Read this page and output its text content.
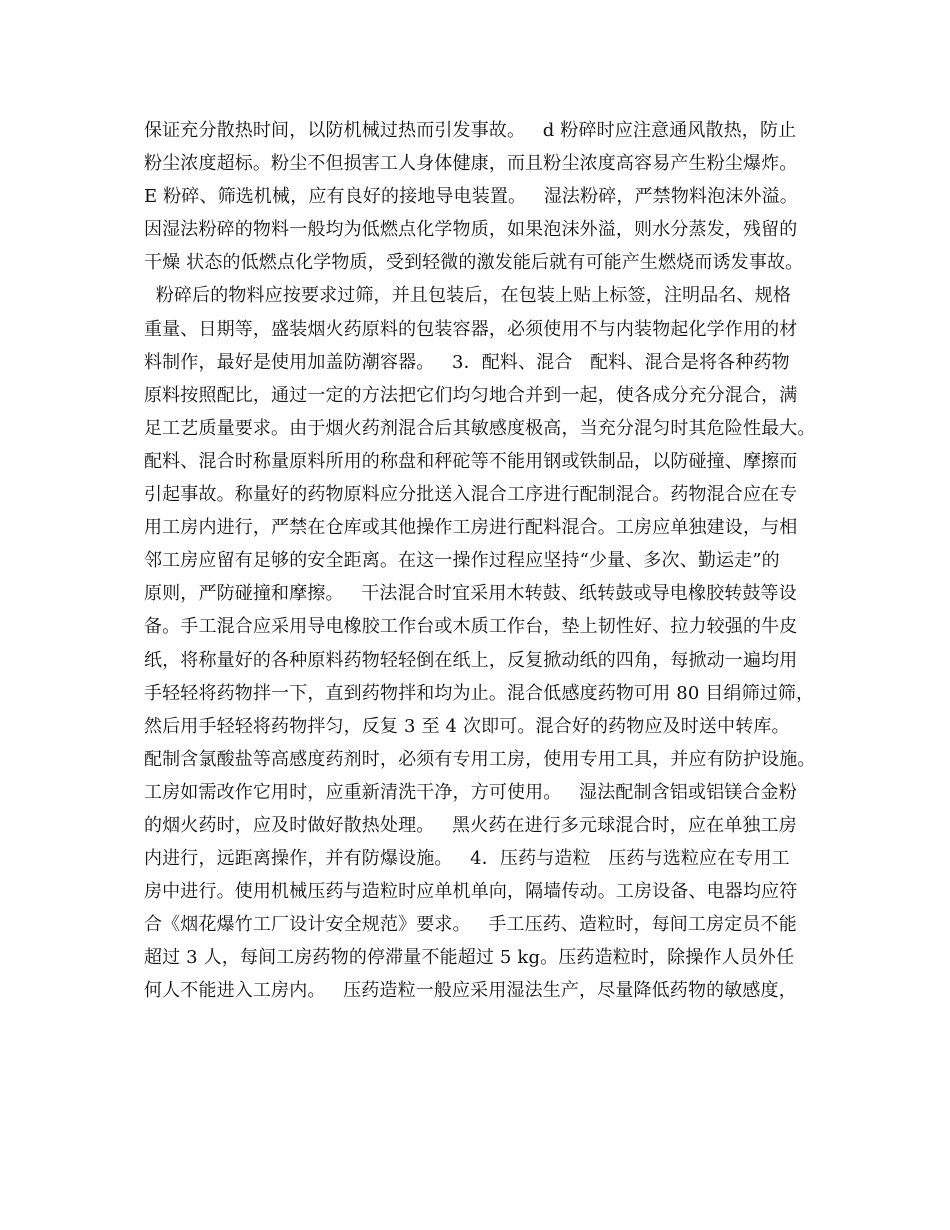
保证充分散热时间，以防机械过热而引发事故。   d 粉碎时应注意通风散热，防止
粉尘浓度超标。粉尘不但损害工人身体健康，而且粉尘浓度高容易产生粉尘爆炸。
E 粉碎、筛选机械，应有良好的接地导电装置。   湿法粉碎，严禁物料泡沫外溢。
因湿法粉碎的物料一般均为低燃点化学物质，如果泡沫外溢，则水分蒸发，残留的
干燥 状态的低燃点化学物质，受到轻微的激发能后就有可能产生燃烧而诱发事故。
粉碎后的物料应按要求过筛，并且包装后，在包装上贴上标签，注明品名、规格
重量、日期等，盛装烟火药原料的包装容器，必须使用不与内装物起化学作用的材
料制作，最好是使用加盖防潮容器。   3．配料、混合   配料、混合是将各种药物
原料按照配比，通过一定的方法把它们均匀地合并到一起，使各成分充分混合，满
足工艺质量要求。由于烟火药剂混合后其敏感度极高，当充分混匀时其危险性最大。
配料、混合时称量原料所用的称盘和秤砣等不能用钢或铁制品，以防碰撞、摩擦而
引起事故。称量好的药物原料应分批送入混合工序进行配制混合。药物混合应在专
用工房内进行，严禁在仓库或其他操作工房进行配料混合。工房应单独建设，与相
邻工房应留有足够的安全距离。在这一操作过程应坚持“少量、多次、勤运走”的
原则，严防碰撞和摩擦。   干法混合时宜采用木转鼓、纸转鼓或导电橡胶转鼓等设
备。手工混合应采用导电橡胶工作台或木质工作台，垫上韧性好、拉力较强的牛皮
纸，将称量好的各种原料药物轻轻倒在纸上，反复掀动纸的四角，每掀动一遍均用
手轻轻将药物拌一下，直到药物拌和均为止。混合低感度药物可用 80 目绢筛过筛，
然后用手轻轻将药物拌匀，反复 3 至 4 次即可。混合好的药物应及时送中转库。
配制含氯酸盐等高感度药剂时，必须有专用工房，使用专用工具，并应有防护设施。
工房如需改作它用时，应重新清洗干净，方可使用。   湿法配制含铝或铝镁合金粉
的烟火药时，应及时做好散热处理。   黑火药在进行多元球混合时，应在单独工房
内进行，远距离操作，并有防爆设施。   4．压药与造粒   压药与选粒应在专用工
房中进行。使用机械压药与造粒时应单机单向，隔墙传动。工房设备、电器均应符
合《烟花爆竹工厂设计安全规范》要求。   手工压药、造粒时，每间工房定员不能
超过 3 人，每间工房药物的停滞量不能超过 5 kg。压药造粒时，除操作人员外任
何人不能进入工房内。   压药造粒一般应采用湿法生产，尽量降低药物的敏感度，
